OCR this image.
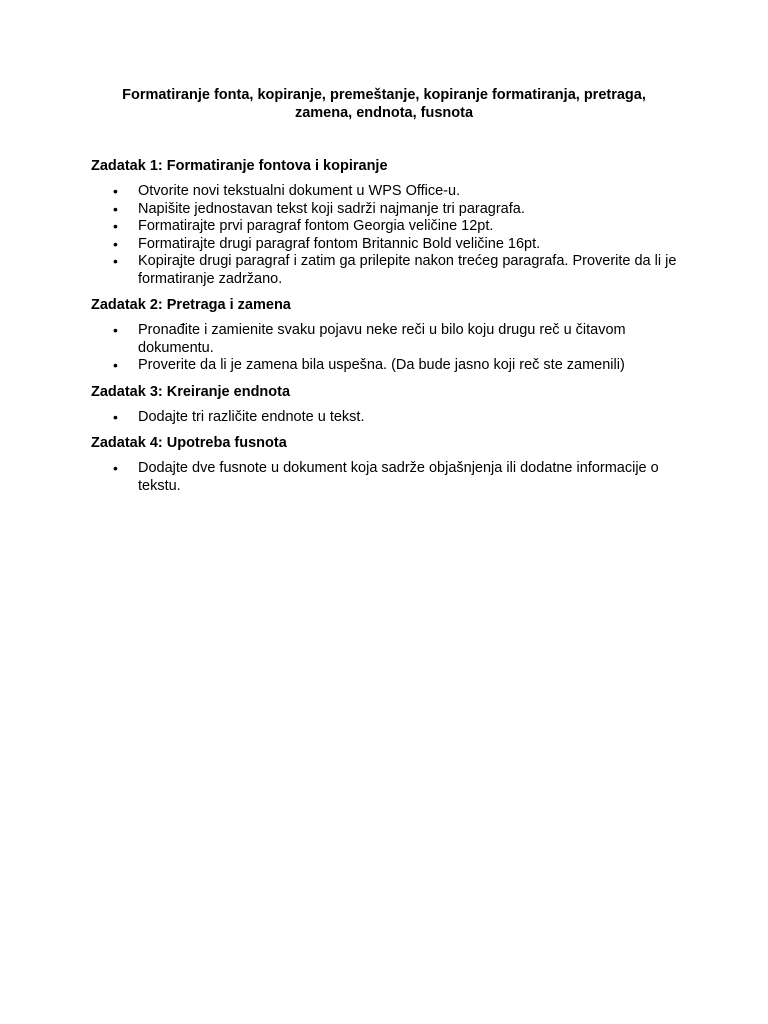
Formatiranje fonta, kopiranje, premeštanje, kopiranje formatiranja, pretraga,
zamena, endnota, fusnota

Zadatak 1: Formatiranje fontova i kopiranje

• Otvorite novi tekstualni dokument u WPS Office-u.
• Napišite jednostavan tekst koji sadrži najmanje tri paragrafa.
• Formatirajte prvi paragraf fontom Georgia veličine 12pt.
• Formatirajte drugi paragraf fontom Britannic Bold veličine 16pt.
• Kopirajte drugi paragraf i zatim ga prilepite nakon trećeg paragrafa. Proverite da li je formatiranje zadržano.

Zadatak 2: Pretraga i zamena

• Pronađite i zamienite svaku pojavu neke reči u bilo koju drugu reč u čitavom dokumentu.
• Proverite da li je zamena bila uspešna. (Da bude jasno koji reč ste zamenili)

Zadatak 3: Kreiranje endnota

• Dodajte tri različite endnote u tekst.

Zadatak 4: Upotreba fusnota

• Dodajte dve fusnote u dokument koja sadrže objašnjenja ili dodatne informacije o tekstu.
